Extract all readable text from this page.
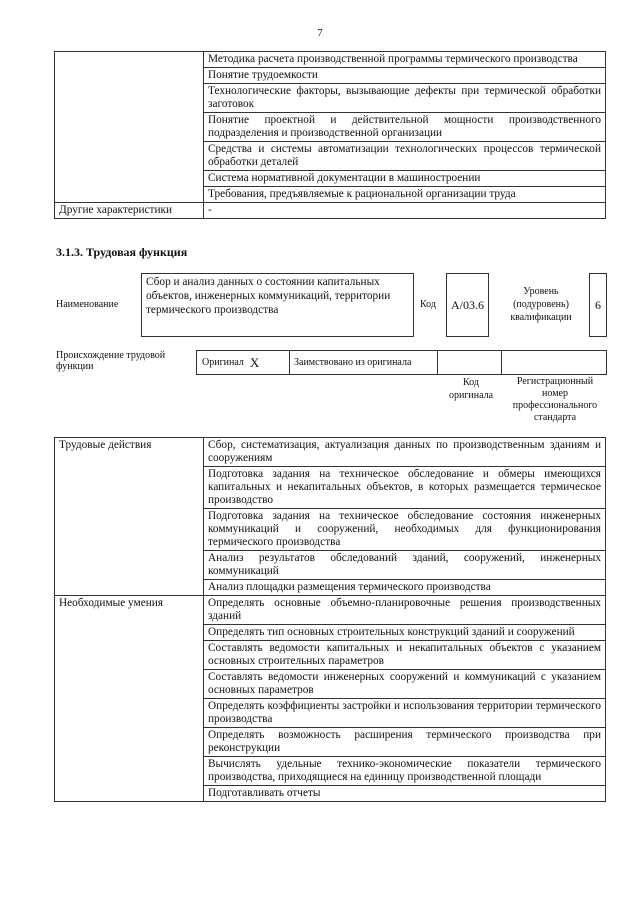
7
	Методика расчета производственной программы термического производства
	Понятие трудоемкости
	Технологические факторы, вызывающие дефекты при термической обработки заготовок
	Понятие проектной и действительной мощности производственного подразделения и производственной организации
	Средства и системы автоматизации технологических процессов термической обработки деталей
	Система нормативной документации в машиностроении
	Требования, предъявляемые к рациональной организации труда
Другие характеристики	-
3.1.3. Трудовая функция
Наименование
Сбор и анализ данных о состоянии капитальных объектов, инженерных коммуникаций, территории термического производства	Код	A/03.6
Уровень (подуровень) квалификации
6
Происхождение трудовой функции	Оригинал X	Заимствовано из оригинала
Код оригинала
Регистрационный номер профессионального стандарта
Трудовые действия	Сбор, систематизация, актуализация данных по производственным зданиям и сооружениям
	Подготовка задания на техническое обследование и обмеры имеющихся капитальных и некапитальных объектов, в которых размещается термическое производство
	Подготовка задания на техническое обследование состояния инженерных коммуникаций и сооружений, необходимых для функционирования термического производства
	Анализ результатов обследований зданий, сооружений, инженерных коммуникаций
	Анализ площадки размещения термического производства
Необходимые умения	Определять основные объемно-планировочные решения производственных зданий
	Определять тип основных строительных конструкций зданий и сооружений
	Составлять ведомости капитальных и некапитальных объектов с указанием основных строительных параметров
	Составлять ведомости инженерных сооружений и коммуникаций с указанием основных параметров
	Определять коэффициенты застройки и использования территории термического производства
	Определять возможность расширения термического производства при реконструкции
	Вычислять удельные технико-экономические показатели термического производства, приходящиеся на единицу производственной площади
	Подготавливать отчеты
